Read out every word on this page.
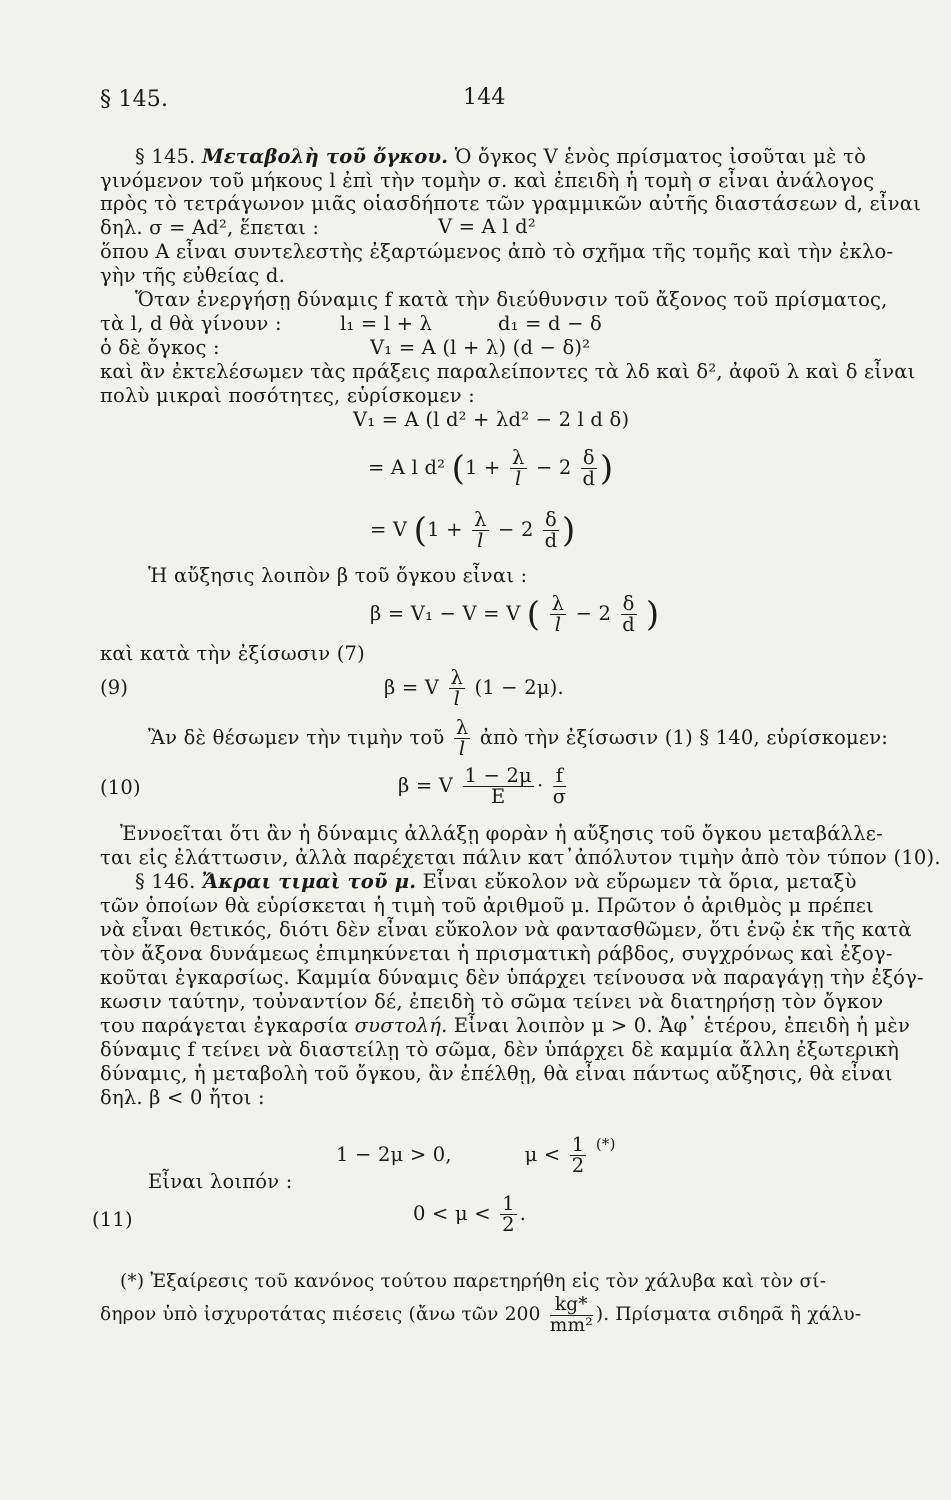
§ 145.	144
§ 145. Μεταβολὴ τοῦ ὄγκου. Ὁ ὄγκος V ἑνὸς πρίσματος ἰσοῦται μὲ τὸ
γινόμενον τοῦ μήκους l ἐπὶ τὴν τομὴν σ. καὶ ἐπειδὴ ἡ τομὴ σ εἶναι ἀνάλογος
πρὸς τὸ τετράγωνον μιᾶς οἱασδήποτε τῶν γραμμικῶν αὐτῆς διαστάσεων d, εἶναι
δηλ. σ = Ad², ἕπεται :	V = A l d²
ὅπου A εἶναι συντελεστὴς ἐξαρτώμενος ἀπὸ τὸ σχῆμα τῆς τομῆς καὶ τὴν ἐκλο-
γὴν τῆς εὐθείας d.
Ὅταν ἐνεργήσῃ δύναμις f κατὰ τὴν διεύθυνσιν τοῦ ἄξονος τοῦ πρίσματος,
τὰ l, d θὰ γίνουν :	l₁ = l + λ	d₁ = d − δ
ὁ δὲ ὄγκος :	V₁ = A (l + λ) (d − δ)²
καὶ ἂν ἐκτελέσωμεν τὰς πράξεις παραλείποντες τὰ λδ καὶ δ², ἀφοῦ λ καὶ δ εἶναι
πολὺ μικραὶ ποσότητες, εὑρίσκομεν :
V₁ = A (l d² + λd² − 2 l d δ)
= A l d² ($1 + \frac{\lambda}{l} - 2 \frac{\delta}{d}$ )
= V ($1 + \frac{\lambda}{l} - 2 \frac{\delta}{d}$ )
Ἡ αὔξησις λοιπὸν β τοῦ ὄγκου εἶναι :
β = V₁ − V = V ( $\frac{\lambda}{l} - 2 \frac{\delta}{d}$ )
καὶ κατὰ τὴν ἐξίσωσιν (7)
(9)	β = V $\frac{\lambda}{l} (1 - 2\mu)$.
Ἂν δὲ θέσωμεν τὴν τιμὴν τοῦ $\frac{\lambda}{l}$ ἀπὸ τὴν ἐξίσωσιν (1) § 140, εὑρίσκομεν:
(10)	β = V $\frac{1 - 2\mu}{E} \cdot \frac{f}{\sigma}$
Ἐννοεῖται ὅτι ἂν ἡ δύναμις ἀλλάξῃ φορὰν ἡ αὔξησις τοῦ ὄγκου μεταβάλλε-
ται εἰς ἐλάττωσιν, ἀλλὰ παρέχεται πάλιν κατ᾿ἀπόλυτον τιμὴν ἀπὸ τὸν τύπον (10).
§ 146. Ἄκραι τιμαὶ τοῦ μ. Εἶναι εὔκολον νὰ εὕρωμεν τὰ ὅρια, μεταξὺ
τῶν ὁποίων θὰ εὑρίσκεται ἡ τιμὴ τοῦ ἀριθμοῦ μ. Πρῶτον ὁ ἀριθμὸς μ πρέπει
νὰ εἶναι θετικός, διότι δὲν εἶναι εὔκολον νὰ φαντασθῶμεν, ὅτι ἐνῷ ἐκ τῆς κατὰ
τὸν ἄξονα δυνάμεως ἐπιμηκύνεται ἡ πρισματικὴ ράβδος, συγχρόνως καὶ ἐξογ-
κοῦται ἐγκαρσίως. Καμμία δύναμις δὲν ὑπάρχει τείνουσα νὰ παραγάγῃ τὴν ἐξόγ-
κωσιν ταύτην, τοὐναντίον δέ, ἐπειδὴ τὸ σῶμα τείνει νὰ διατηρήσῃ τὸν ὄγκον
του παράγεται ἐγκαρσία συστολή. Εἶναι λοιπὸν μ > 0. Ἀφ᾿ ἑτέρου, ἐπειδὴ ἡ μὲν
δύναμις f τείνει νὰ διαστείλῃ τὸ σῶμα, δὲν ὑπάρχει δὲ καμμία ἄλλη ἐξωτερικὴ
δύναμις, ἡ μεταβολὴ τοῦ ὄγκου, ἂν ἐπέλθῃ, θὰ εἶναι πάντως αὔξησις, θὰ εἶναι
δηλ. β < 0 ἤτοι :
1 − 2μ > 0,	$\mu < \frac{1}{2} ^{(*)}$
Εἶναι λοιπόν :
(11)	$0 < \mu < \frac{1}{2}$ .
(*) Ἐξαίρεσις τοῦ κανόνος τούτου παρετηρήθη εἰς τὸν χάλυβα καὶ τὸν σί-
δηρον ὑπὸ ἰσχυροτάτας πιέσεις (ἄνω τῶν $200 \frac{kg*}{\text{mm²}}$ ). Πρίσματα σιδηρᾶ ἢ χάλυ-
